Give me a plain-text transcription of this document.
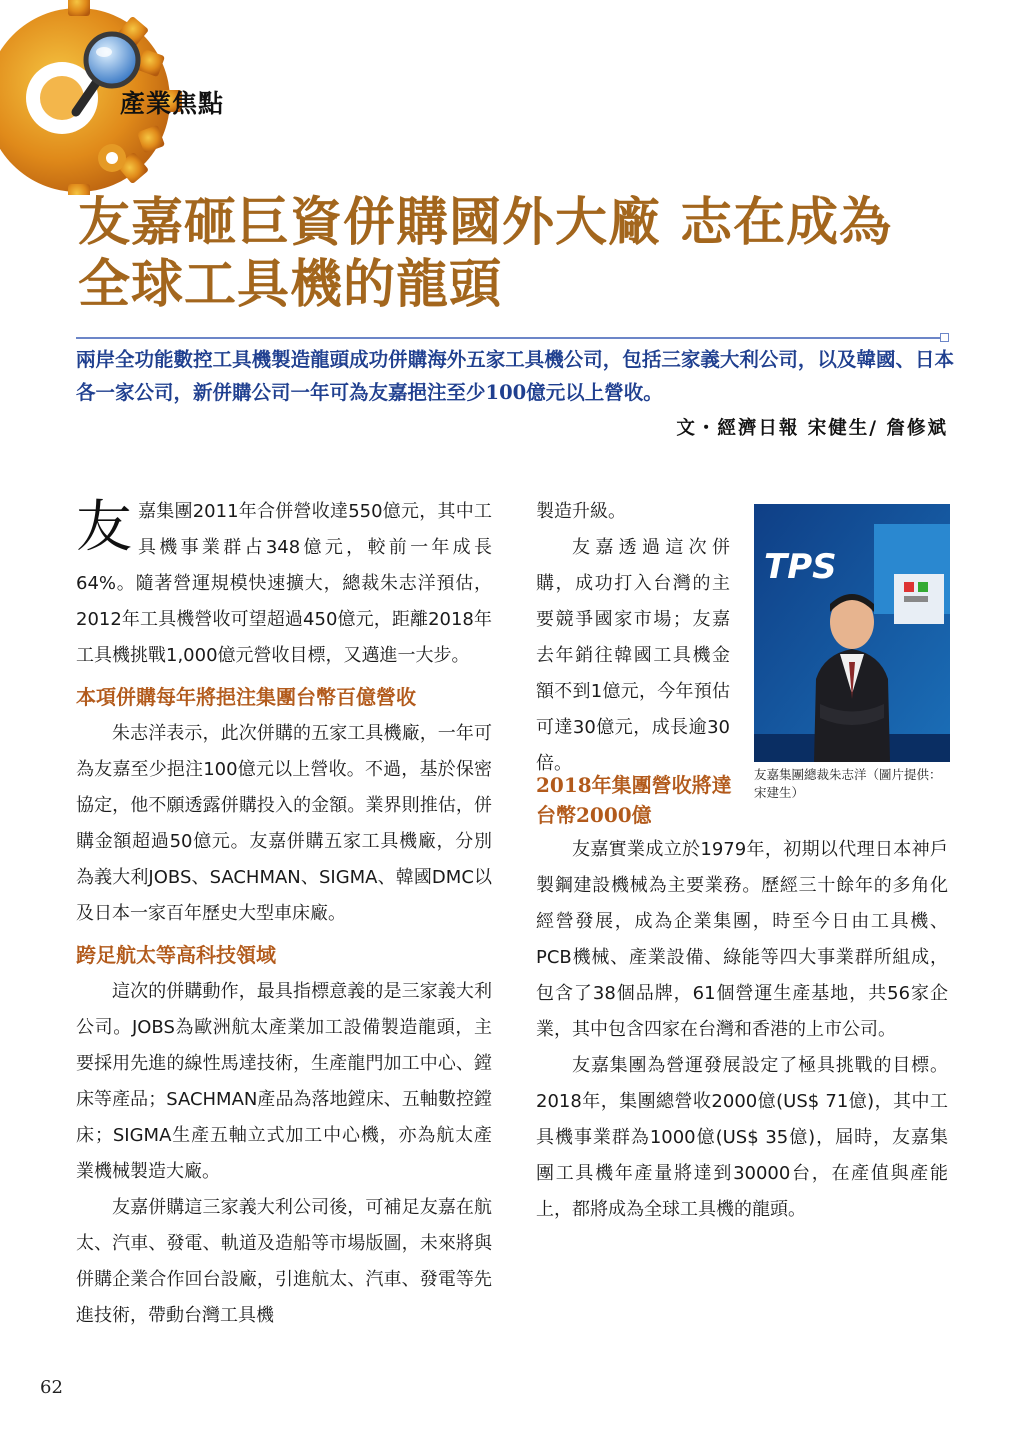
產業焦點
友嘉砸巨資併購國外大廠 志在成為
全球工具機的龍頭

兩岸全功能數控工具機製造龍頭成功併購海外五家工具機公司，包括三家義大利公司，以及韓國、日本各一家公司，新併購公司一年可為友嘉挹注至少100億元以上營收。

文・經濟日報 宋健生/ 詹修斌

友嘉集團2011年合併營收達550億元，其中工具機事業群占348億元，較前一年成長64%。隨著營運規模快速擴大，總裁朱志洋預估，2012年工具機營收可望超過450億元，距離2018年工具機挑戰1,000億元營收目標，又邁進一大步。

本項併購每年將挹注集團台幣百億營收

朱志洋表示，此次併購的五家工具機廠，一年可為友嘉至少挹注100億元以上營收。不過，基於保密協定，他不願透露併購投入的金額。業界則推估，併購金額超過50億元。友嘉併購五家工具機廠，分別為義大利JOBS、SACHMAN、SIGMA、韓國DMC以及日本一家百年歷史大型車床廠。

跨足航太等高科技領域

這次的併購動作，最具指標意義的是三家義大利公司。JOBS為歐洲航太產業加工設備製造龍頭，主要採用先進的線性馬達技術，生產龍門加工中心、鏜床等產品；SACHMAN產品為落地鏜床、五軸數控鏜床；SIGMA生產五軸立式加工中心機，亦為航太產業機械製造大廠。

友嘉併購這三家義大利公司後，可補足友嘉在航太、汽車、發電、軌道及造船等市場版圖，未來將與併購企業合作回台設廠，引進航太、汽車、發電等先進技術，帶動台灣工具機

製造升級。

友嘉透過這次併購，成功打入台灣的主要競爭國家市場；友嘉去年銷往韓國工具機金額不到1億元，今年預估可達30億元，成長逾30倍。

TPS

友嘉集團總裁朱志洋（圖片提供：宋建生）

2018年集團營收將達台幣2000億

友嘉實業成立於1979年，初期以代理日本神戶製鋼建設機械為主要業務。歷經三十餘年的多角化經營發展，成為企業集團，時至今日由工具機、PCB機械、產業設備、綠能等四大事業群所組成，包含了38個品牌，61個營運生產基地，共56家企業，其中包含四家在台灣和香港的上市公司。

友嘉集團為營運發展設定了極具挑戰的目標。2018年，集團總營收2000億(US$ 71億)，其中工具機事業群為1000億(US$ 35億)，屆時，友嘉集團工具機年產量將達到30000台，在產值與產能上，都將成為全球工具機的龍頭。

62
